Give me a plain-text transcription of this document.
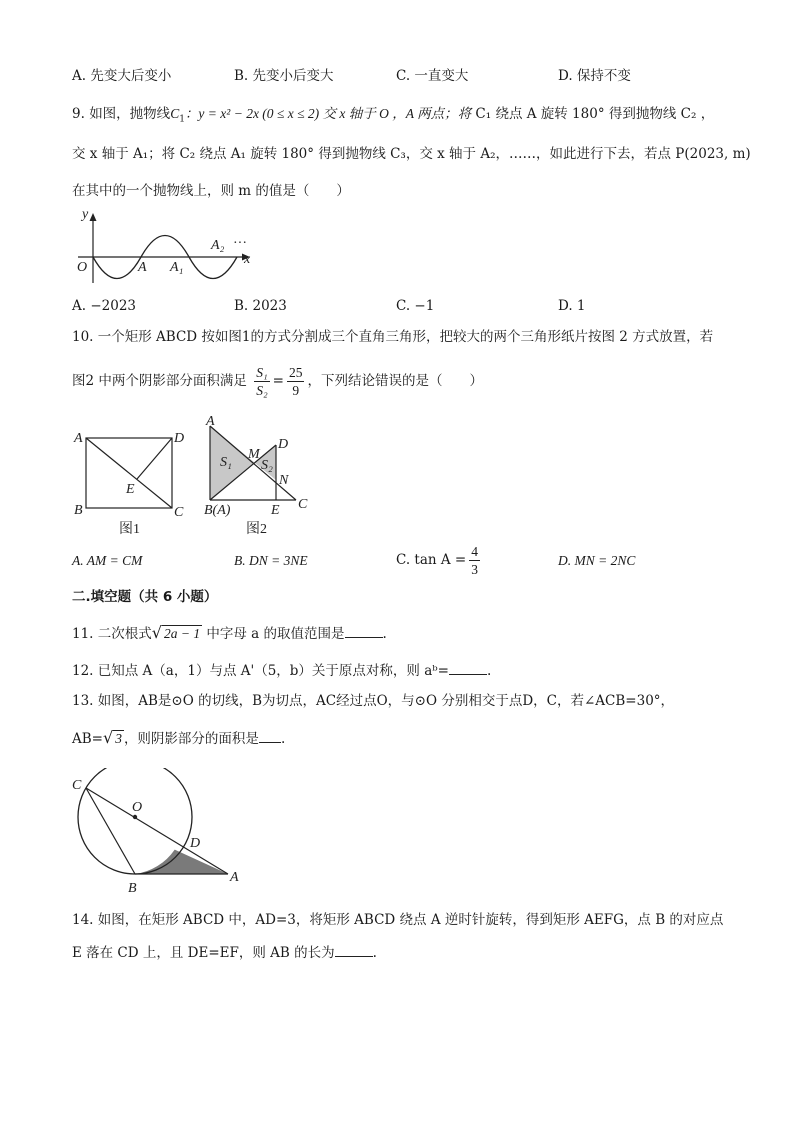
A. 先变大后变小	B. 先变小后变大	C. 一直变大	D. 保持不变
9. 如图，抛物线$C_1$：y = x² − 2x (0 ≤ x ≤ 2) 交 x 轴于 O ，A 两点；将 C₁ 绕点 A 旋转 180° 得到抛物线 C₂ ，
交 x 轴于 A₁；将 C₂ 绕点 A₁ 旋转 180° 得到抛物线 C₃，交 x 轴于 A₂，……，如此进行下去，若点 P(2023, m)
在其中的一个抛物线上，则 m 的值是（　　）
y
x
O	A A₁
A₂ ···
A. −2023	B. 2023	C. −1	D. 1
10. 一个矩形 ABCD 按如图1的方式分割成三个直角三角形，把较大的两个三角形纸片按图 2 方式放置，若
图2 中两个阴影部分面积满足 $\frac{\text{S₁}}{\text{S₂}} = \frac{25}{9}$ ，下列结论错误的是（　　）
A	D
B	C
E
图1
A
B(A)
D
M
N
E C
S₁ S₂
图2
A. AM = CM	B. DN = 3NE	C. $\tan A = \frac{4}{3}$	D. MN = 2NC
二.填空题（共 6 小题）
11. 二次根式√ 2a − 1 中字母 a 的取值范围是	.
12. 已知点 A（a，1）与点 A'（5，b）关于原点对称，则 aᵇ=	.
13. 如图，AB是⊙O 的切线，B为切点，AC经过点O，与⊙O 分别相交于点D，C，若∠ACB=30°，
AB=√ 3 ，则阴影部分的面积是 .
C
O
D
B
A
14. 如图，在矩形 ABCD 中，AD=3，将矩形 ABCD 绕点 A 逆时针旋转，得到矩形 AEFG，点 B 的对应点
E 落在 CD 上，且 DE=EF，则 AB 的长为	.
